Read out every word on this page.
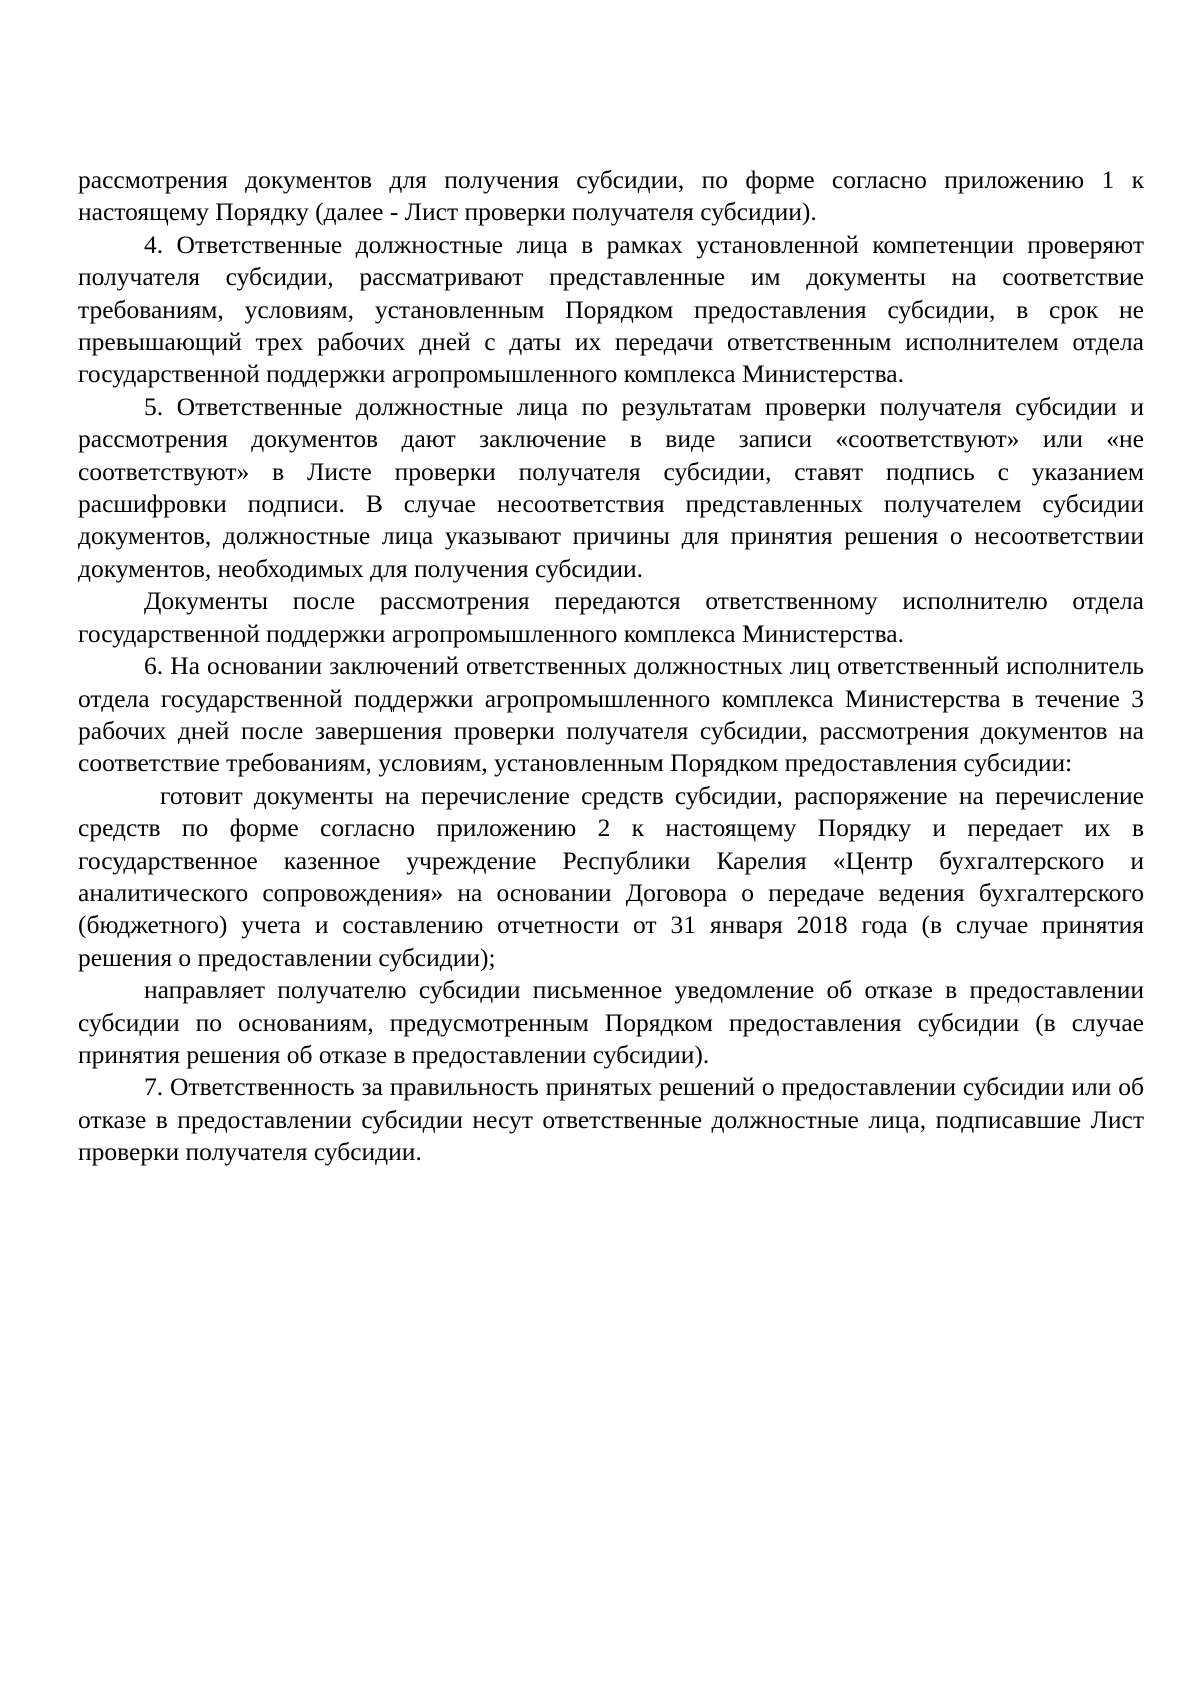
рассмотрения документов для получения субсидии, по форме согласно приложению 1 к настоящему Порядку (далее - Лист проверки получателя субсидии).

4. Ответственные должностные лица в рамках установленной компетенции проверяют получателя субсидии, рассматривают представленные им документы на соответствие требованиям, условиям, установленным Порядком предоставления субсидии, в срок не превышающий трех рабочих дней с даты их передачи ответственным исполнителем отдела государственной поддержки агропромышленного комплекса Министерства.

5. Ответственные должностные лица по результатам проверки получателя субсидии и рассмотрения документов дают заключение в виде записи «соответствуют» или «не соответствуют» в Листе проверки получателя субсидии, ставят подпись с указанием расшифровки подписи. В случае несоответствия представленных получателем субсидии документов, должностные лица указывают причины для принятия решения о несоответствии документов, необходимых для получения субсидии.

Документы после рассмотрения передаются ответственному исполнителю отдела государственной поддержки агропромышленного комплекса Министерства.

6. На основании заключений ответственных должностных лиц ответственный исполнитель отдела государственной поддержки агропромышленного комплекса Министерства в течение 3 рабочих дней после завершения проверки получателя субсидии, рассмотрения документов на соответствие требованиям, условиям, установленным Порядком предоставления субсидии:

готовит документы на перечисление средств субсидии, распоряжение на перечисление средств по форме согласно приложению 2 к настоящему Порядку и передает их в государственное казенное учреждение Республики Карелия «Центр бухгалтерского и аналитического сопровождения» на основании Договора о передаче ведения бухгалтерского (бюджетного) учета и составлению отчетности от 31 января 2018 года (в случае принятия решения о предоставлении субсидии);

направляет получателю субсидии письменное уведомление об отказе в предоставлении субсидии по основаниям, предусмотренным Порядком предоставления субсидии (в случае принятия решения об отказе в предоставлении субсидии).

7. Ответственность за правильность принятых решений о предоставлении субсидии или об отказе в предоставлении субсидии несут ответственные должностные лица, подписавшие Лист проверки получателя субсидии.
